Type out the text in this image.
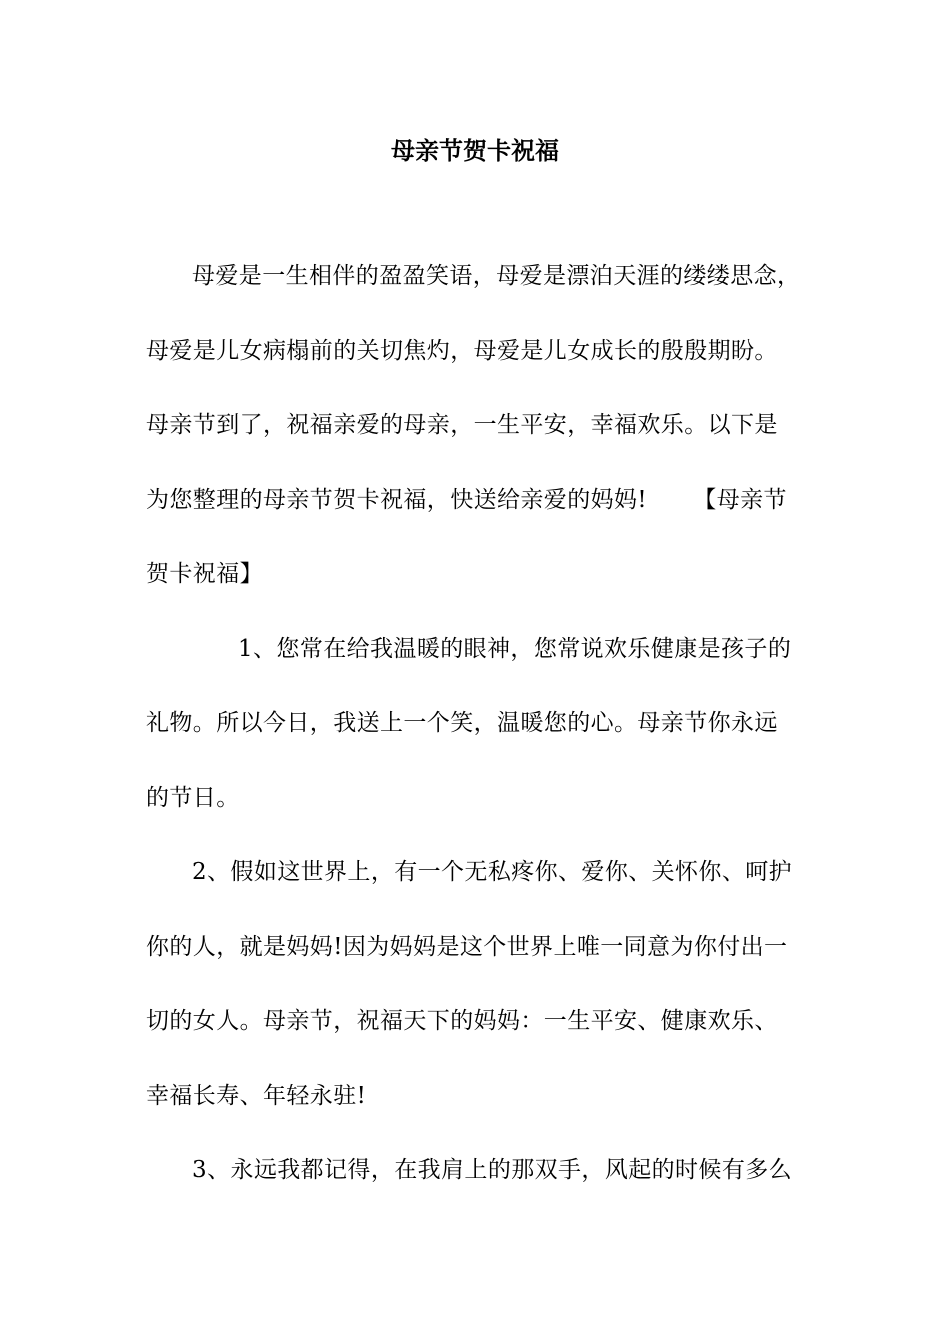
母亲节贺卡祝福
母爱是一生相伴的盈盈笑语，母爱是漂泊天涯的缕缕思念，
母爱是儿女病榻前的关切焦灼，母爱是儿女成长的殷殷期盼。
母亲节到了，祝福亲爱的母亲，一生平安，幸福欢乐。以下是
为您整理的母亲节贺卡祝福，快送给亲爱的妈妈!      【母亲节
贺卡祝福】
1、您常在给我温暖的眼神，您常说欢乐健康是孩子的
礼物。所以今日，我送上一个笑，温暖您的心。母亲节你永远
的节日。
2、假如这世界上，有一个无私疼你、爱你、关怀你、呵护
你的人，就是妈妈!因为妈妈是这个世界上唯一同意为你付出一
切的女人。母亲节，祝福天下的妈妈：一生平安、健康欢乐、
幸福长寿、年轻永驻!
3、永远我都记得，在我肩上的那双手，风起的时候有多么
